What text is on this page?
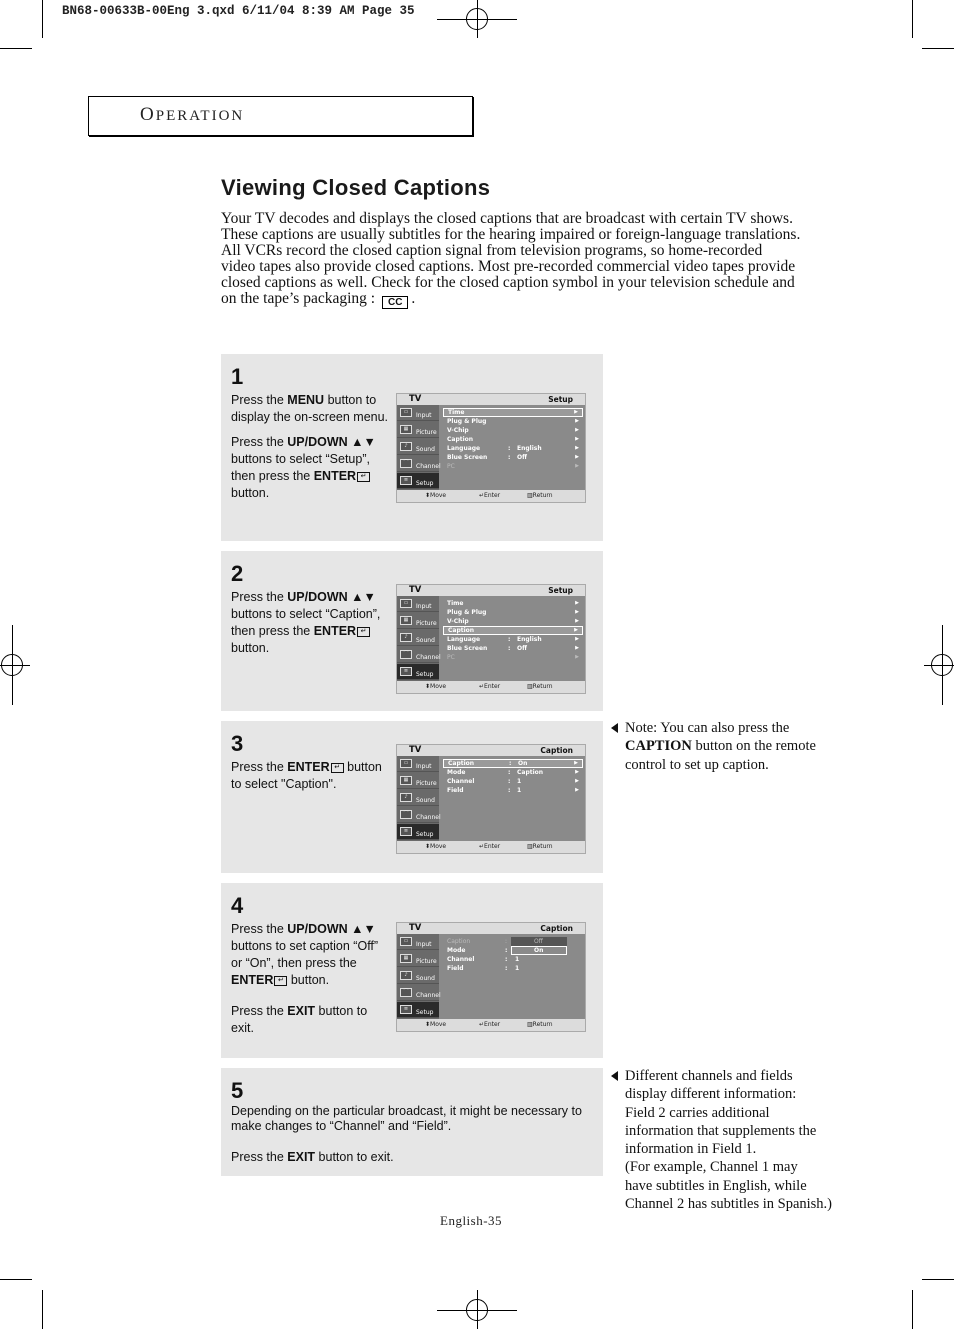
BN68-00633B-00Eng 3.qxd 6/11/04 8:39 AM Page 35
OPERATION
Viewing Closed Captions

Your TV decodes and displays the closed captions that are broadcast with certain TV shows.

These captions are usually subtitles for the hearing impaired or foreign-language translations.

All VCRs record the closed caption signal from television programs, so home-recorded

video tapes also provide closed captions. Most pre-recorded commercial video tapes provide

closed captions as well. Check for the closed caption symbol in your television schedule and

on the tape’s packaging : CC .

1

Press the MENU button to display the on-screen menu.

Press the UP/DOWN ▲▼ buttons to select “Setup”, then press the ENTER ↵ button.

TV	Setup
▭	Input
▦	Picture
♪	Sound
⌒	Channel
≡	Setup
Time	▶
Plug & Plug	▶
V-Chip	▶
Caption	▶
Language	: English	▶
Blue Screen	: Off	▶
PC	▶
⬍ Move	↵ Enter	▥ Return
2

Press the UP/DOWN ▲▼ buttons to select “Caption”, then press the ENTER ↵ button.

TV	Setup
▭	Input
▦	Picture
♪	Sound
⌒	Channel
≡	Setup
Time	▶
Plug & Plug	▶
V-Chip	▶
Caption	▶
Language	: English	▶
Blue Screen	: Off	▶
PC	▶
⬍ Move	↵ Enter	▥ Return
3

Press the ENTER ↵ button to select "Caption".

TV	Caption
▭	Input
▦	Picture
♪	Sound
⌒	Channel
≡	Setup
Caption	: On	▶
Mode	: Caption	▶
Channel	: 1	▶
Field	: 1	▶
⬍ Move	↵ Enter	▥ Return
4

Press the UP/DOWN ▲▼ buttons to set caption “Off” or “On”, then press the ENTER ↵ button.

Press the EXIT button to exit.

TV	Caption
▭	Input
▦	Picture
♪	Sound
⌒	Channel
≡	Setup
Caption	:	Off
Mode	:	On
Channel	: 1
Field	: 1
⬍ Move	↵ Enter	▥ Return
5

Depending on the particular broadcast, it might be necessary to make changes to “Channel” and “Field”.

Press the EXIT button to exit.

Note: You can also press the
CAPTION button on the remote
control to set up caption.
Different channels and fields
display different information:
Field 2 carries additional
information that supplements the
information in Field 1.
(For example, Channel 1 may
have subtitles in English, while
Channel 2 has subtitles in Spanish.)
English-35
